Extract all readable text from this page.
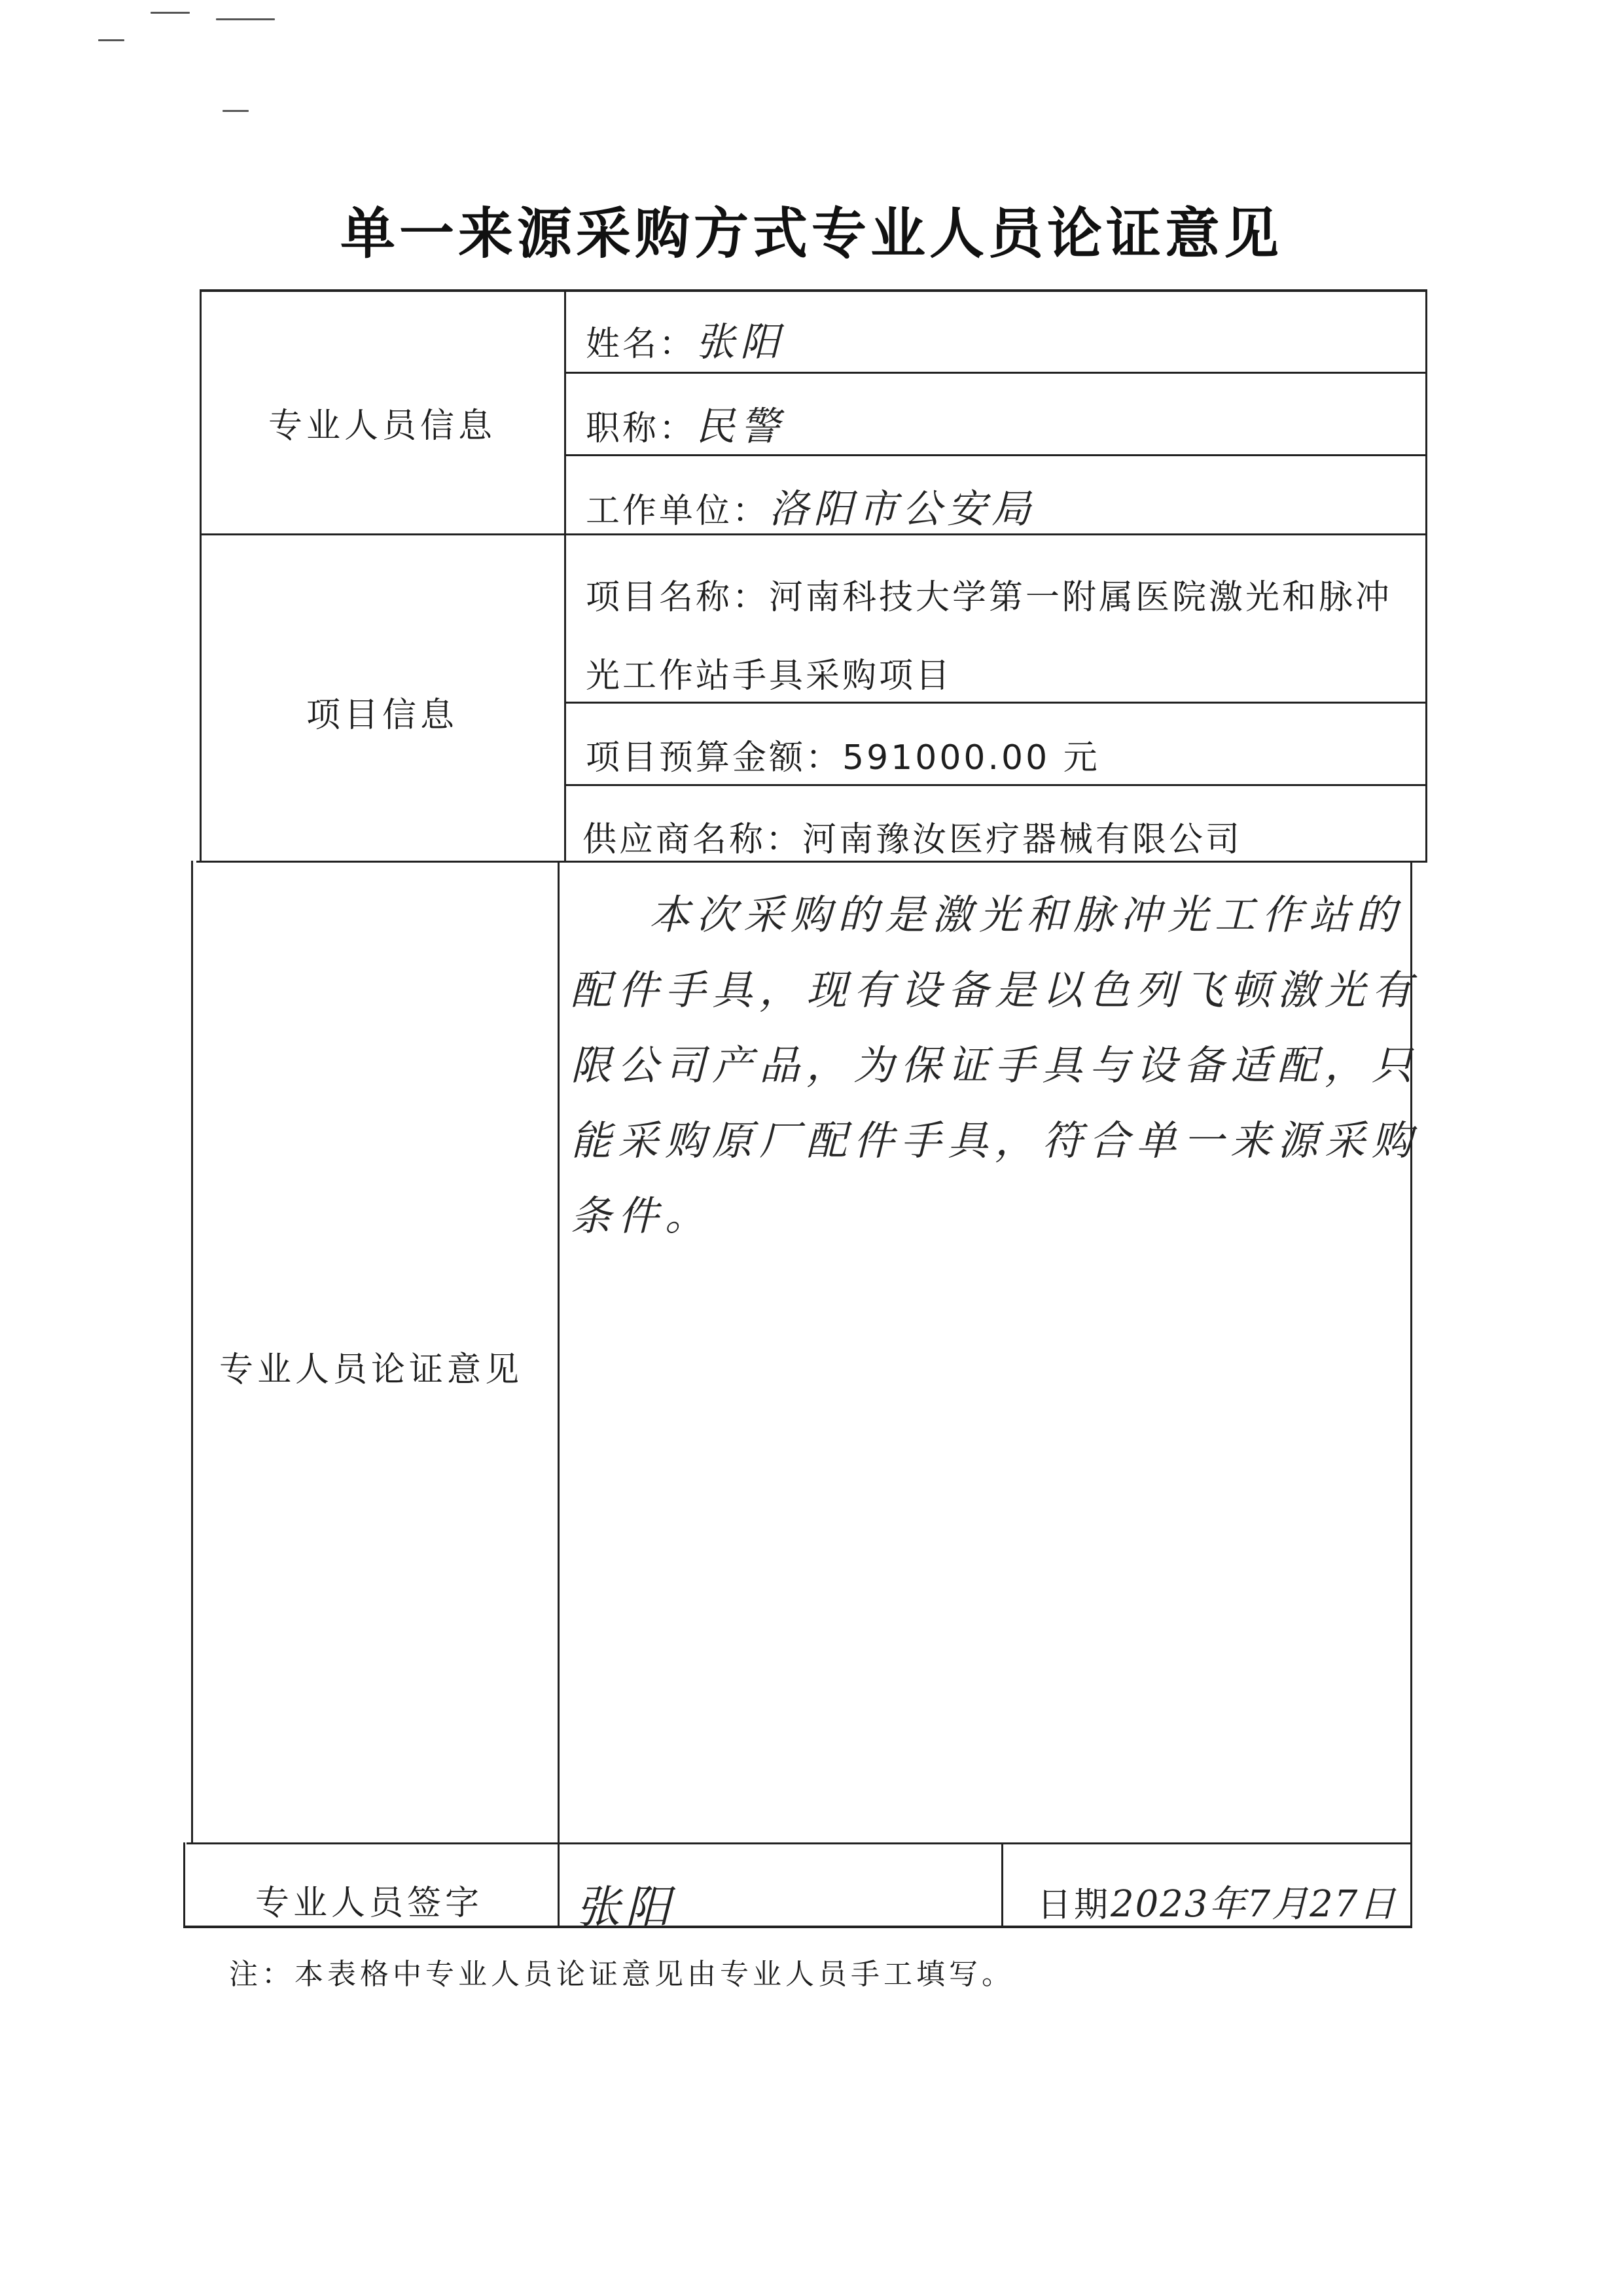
单一来源采购方式专业人员论证意见
专业人员信息
姓名：张阳
职称：民警
工作单位：洛阳市公安局
项目信息
项目名称：河南科技大学第一附属医院激光和脉冲
光工作站手具采购项目
项目预算金额：591000.00 元
供应商名称：河南豫汝医疗器械有限公司
专业人员论证意见
本次采购的是激光和脉冲光工作站的配件手具，现有设备是以色列飞顿激光有限公司产品，为保证手具与设备适配，只能采购原厂配件手具，符合单一来源采购条件。
专业人员签字 张阳	日期2023年7月27日
注：本表格中专业人员论证意见由专业人员手工填写。
